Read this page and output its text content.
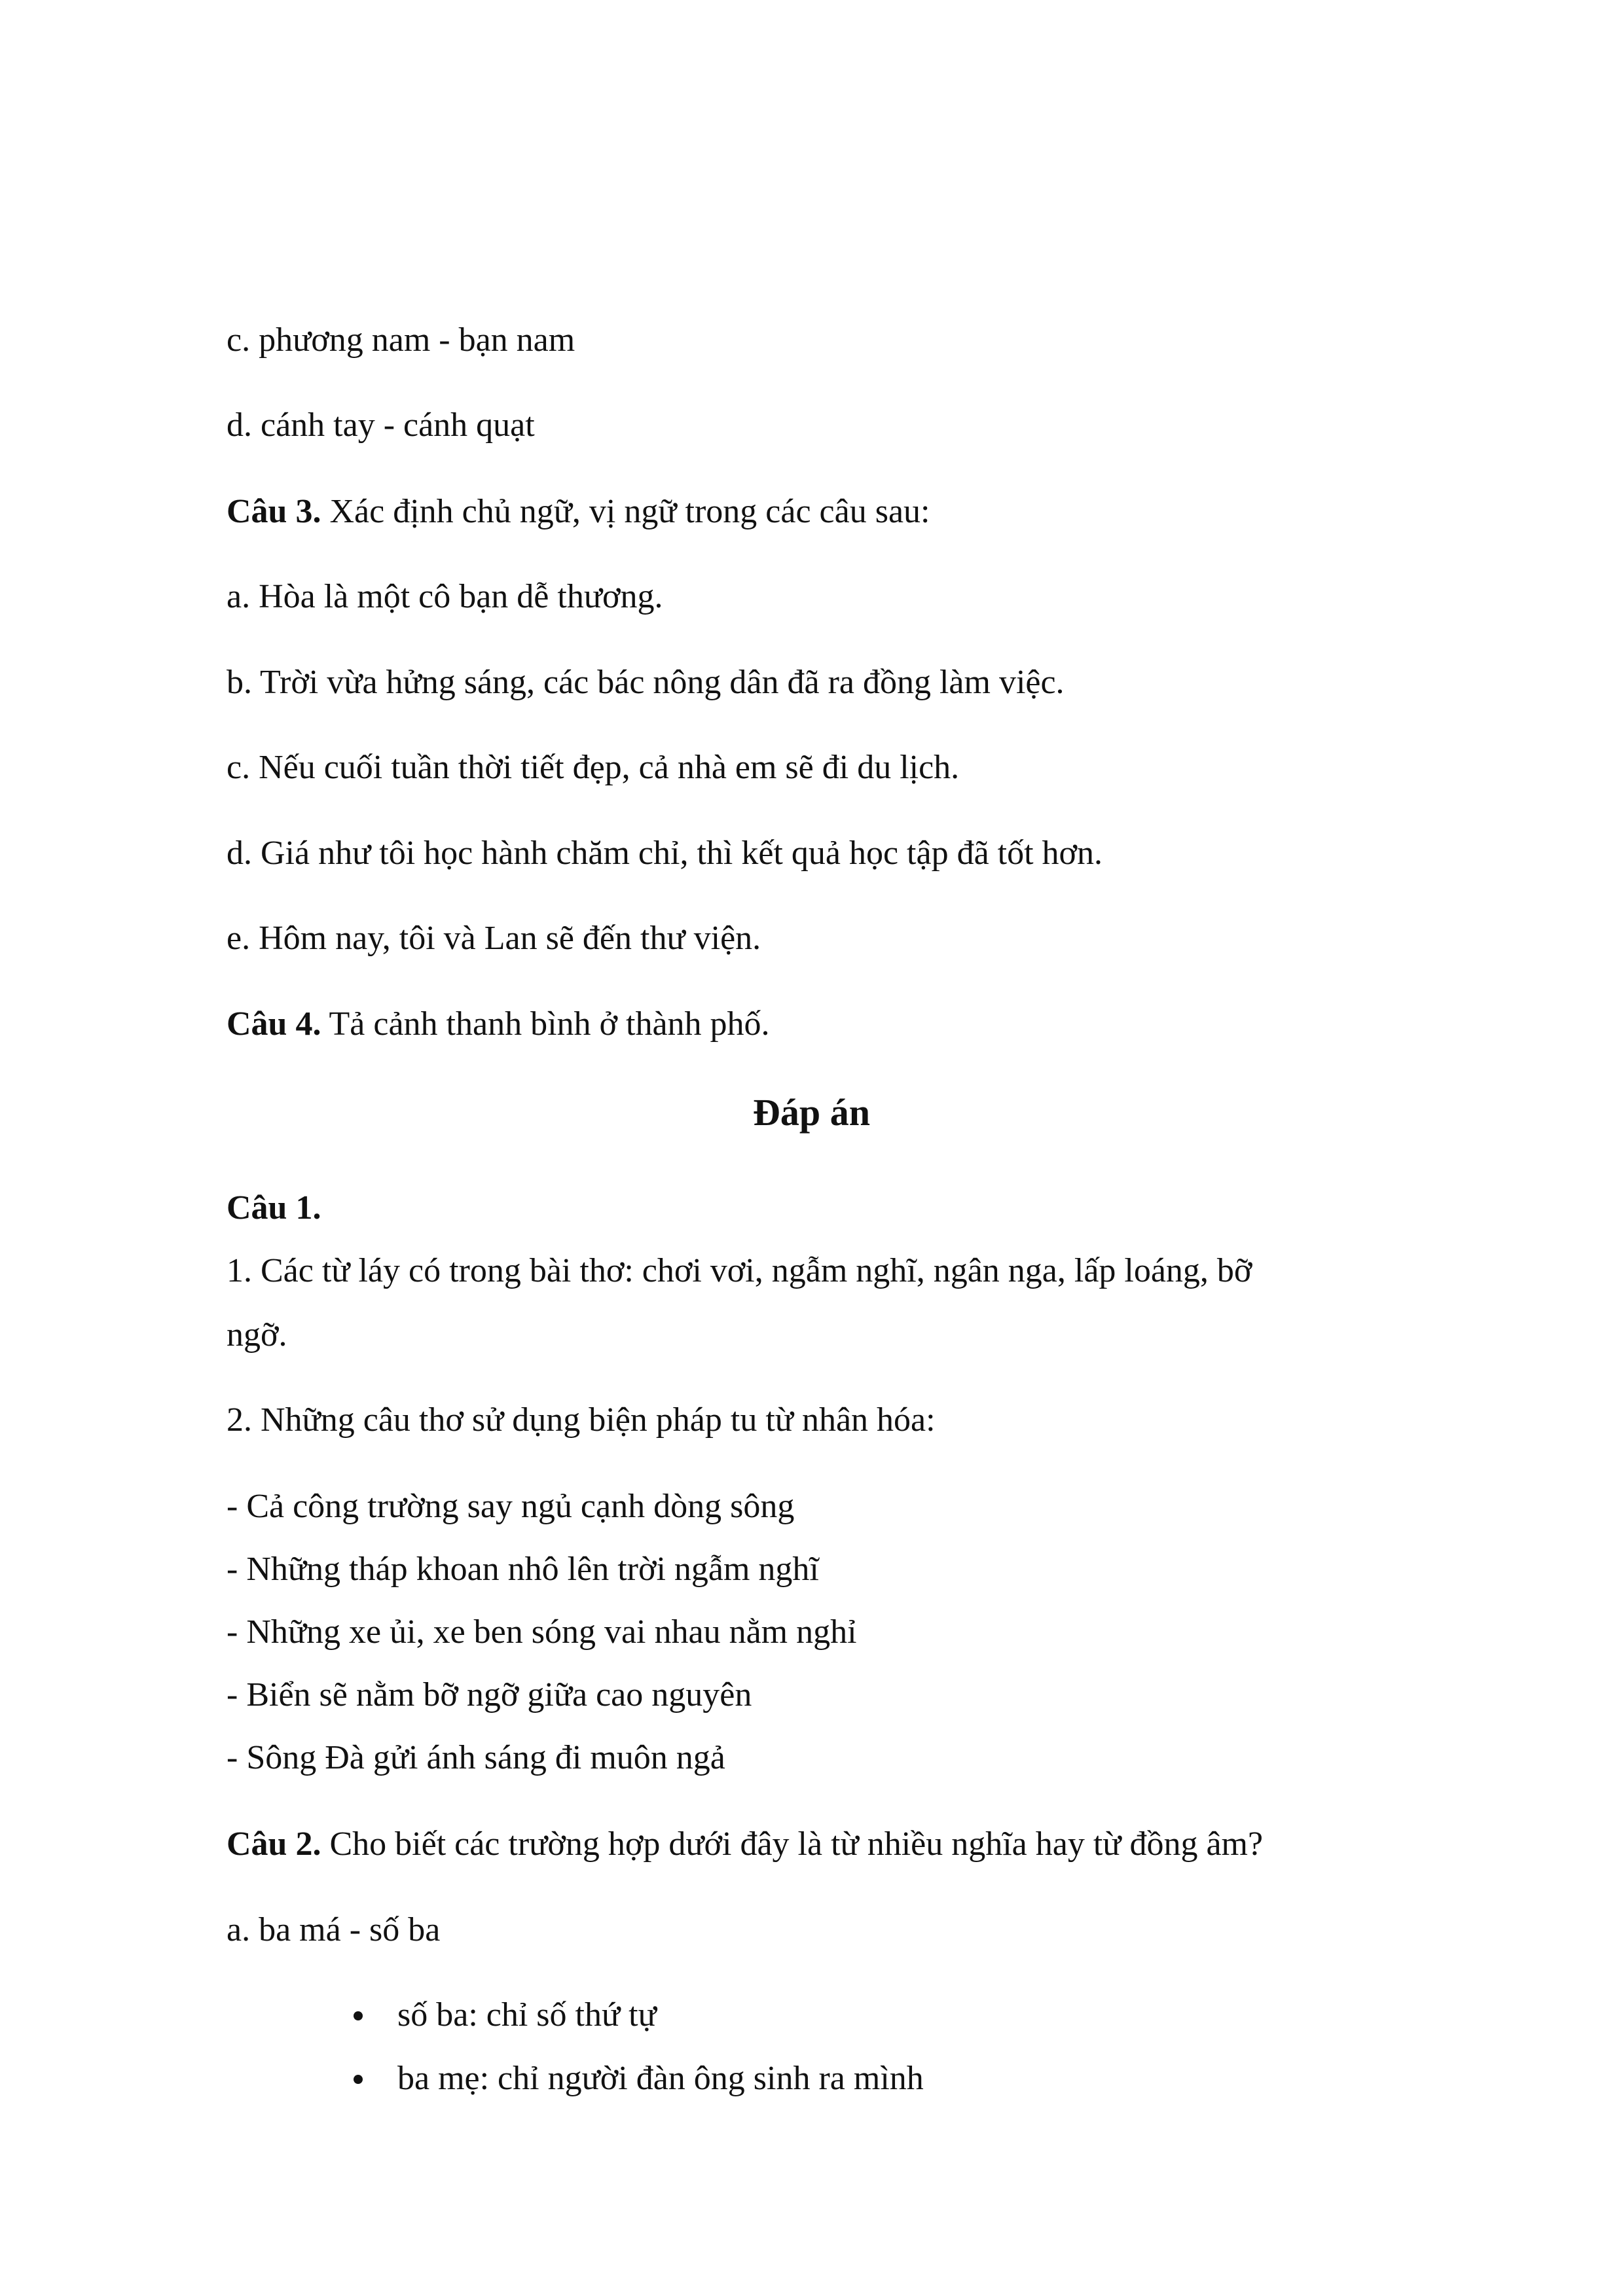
c. phương nam - bạn nam
d. cánh tay - cánh quạt
Câu 3. Xác định chủ ngữ, vị ngữ trong các câu sau:
a. Hòa là một cô bạn dễ thương.
b. Trời vừa hửng sáng, các bác nông dân đã ra đồng làm việc.
c. Nếu cuối tuần thời tiết đẹp, cả nhà em sẽ đi du lịch.
d. Giá như tôi học hành chăm chỉ, thì kết quả học tập đã tốt hơn.
e. Hôm nay, tôi và Lan sẽ đến thư viện.
Câu 4. Tả cảnh thanh bình ở thành phố.
Đáp án
Câu 1.
1. Các từ láy có trong bài thơ: chơi vơi, ngẫm nghĩ, ngân nga, lấp loáng, bỡ
ngỡ.
2. Những câu thơ sử dụng biện pháp tu từ nhân hóa:
- Cả công trường say ngủ cạnh dòng sông
- Những tháp khoan nhô lên trời ngẫm nghĩ
- Những xe ủi, xe ben sóng vai nhau nằm nghỉ
- Biển sẽ nằm bỡ ngỡ giữa cao nguyên
- Sông Đà gửi ánh sáng đi muôn ngả
Câu 2. Cho biết các trường hợp dưới đây là từ nhiều nghĩa hay từ đồng âm?
a. ba má - số ba
số ba: chỉ số thứ tự
ba mẹ: chỉ người đàn ông sinh ra mình
